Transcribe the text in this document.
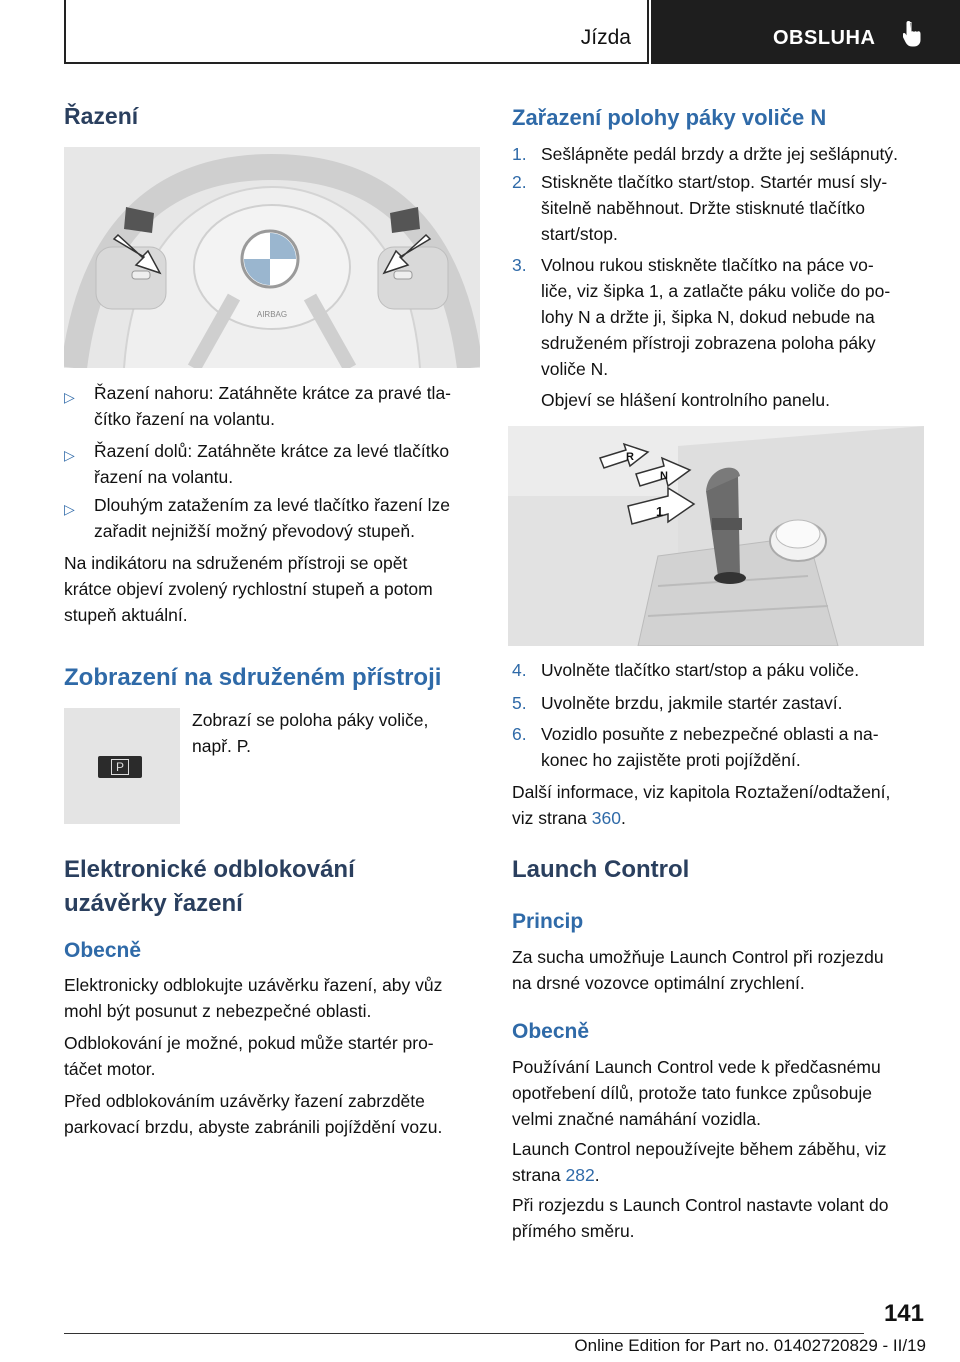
Jízda	OBSLUHA
Řazení
AIRBAG
▷ Řazení nahoru: Zatáhněte krátce za pravé tla-
čítko řazení na volantu.
▷ Řazení dolů: Zatáhněte krátce za levé tlačítko
řazení na volantu.
▷ Dlouhým zatažením za levé tlačítko řazení lze
zařadit nejnižší možný převodový stupeň.

Na indikátoru na sdruženém přístroji se opět
krátce objeví zvolený rychlostní stupeň a potom
stupeň aktuální.

Zobrazení na sdruženém přístroji
P

Zobrazí se poloha páky voliče,
např. P.

Elektronické odblokování
uzávěrky řazení
Obecně

Elektronicky odblokujte uzávěrku řazení, aby vůz
mohl být posunut z nebezpečné oblasti.

Odblokování je možné, pokud může startér pro-
táčet motor.

Před odblokováním uzávěrky řazení zabrzděte
parkovací brzdu, abyste zabránili pojíždění vozu.

Zařazení polohy páky voliče N
1. Sešlápněte pedál brzdy a držte jej sešlápnutý.
2. Stiskněte tlačítko start/stop. Startér musí sly-
šitelně naběhnout. Držte stisknuté tlačítko
start/stop.
3. Volnou rukou stiskněte tlačítko na páce vo-
liče, viz šipka 1, a zatlačte páku voliče do po-
lohy N a držte ji, šipka N, dokud nebude na
sdruženém přístroji zobrazena poloha páky
voliče N.

Objeví se hlášení kontrolního panelu.

R
N
1
4. Uvolněte tlačítko start/stop a páku voliče.
5. Uvolněte brzdu, jakmile startér zastaví.
6. Vozidlo posuňte z nebezpečné oblasti a na-
konec ho zajistěte proti pojíždění.

Další informace, viz kapitola Roztažení/odtažení,
viz strana 360.

Launch Control
Princip

Za sucha umožňuje Launch Control při rozjezdu
na drsné vozovce optimální zrychlení.

Obecně

Používání Launch Control vede k předčasnému
opotřebení dílů, protože tato funkce způsobuje
velmi značné namáhání vozidla.

Launch Control nepoužívejte během záběhu, viz
strana 282.

Při rozjezdu s Launch Control nastavte volant do
přímého směru.

141
Online Edition for Part no. 01402720829 - II/19
